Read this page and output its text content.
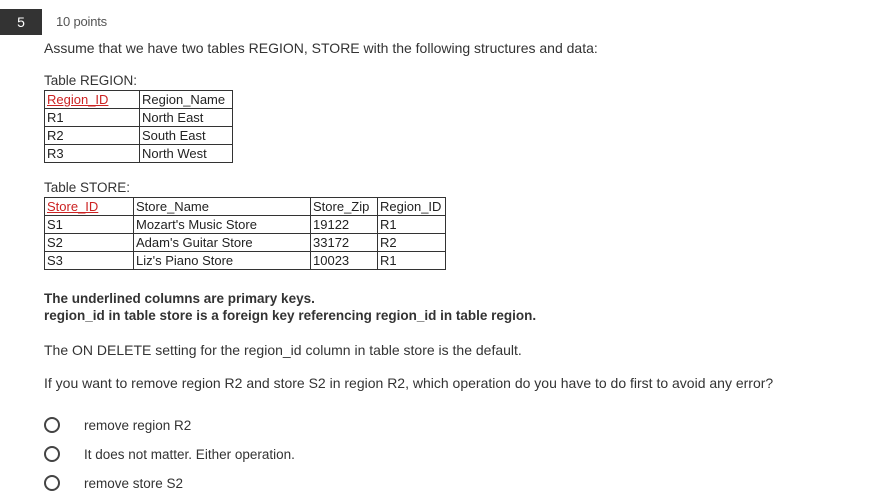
5	10 points
Assume that we have two tables REGION, STORE with the following structures and data:
Table REGION:
Region_ID	Region_Name
R1	North East
R2	South East
R3	North West
Table STORE:
Store_ID	Store_Name	Store_Zip	Region_ID
S1	Mozart's Music Store	19122	R1
S2	Adam's Guitar Store	33172	R2
S3	Liz's Piano Store	10023	R1
The underlined columns are primary keys.
region_id in table store is a foreign key referencing region_id in table region.
The ON DELETE setting for the region_id column in table store is the default.
If you want to remove region R2 and store S2 in region R2, which operation do you have to do first to avoid any error?
remove region R2
It does not matter. Either operation.
remove store S2
